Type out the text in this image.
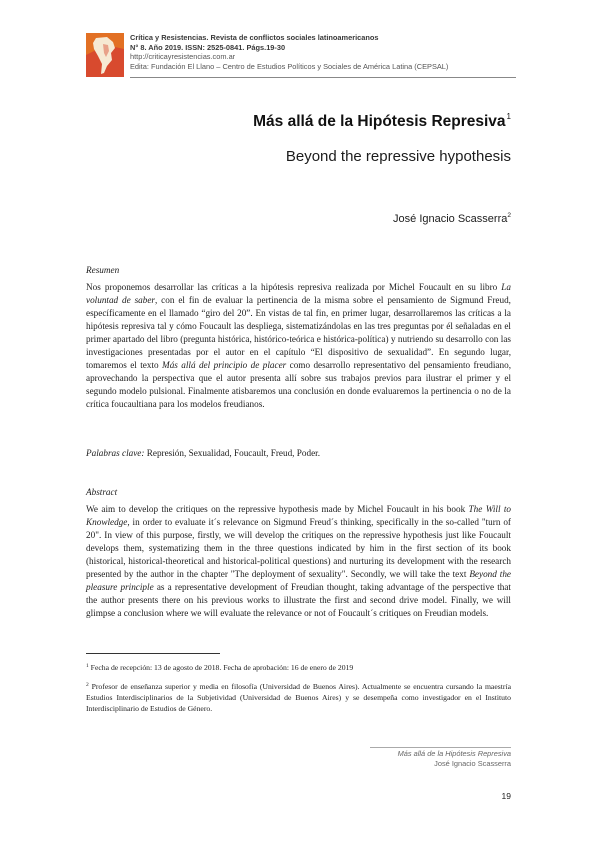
Crítica y Resistencias. Revista de conflictos sociales latinoamericanos
N° 8. Año 2019. ISSN: 2525-0841. Págs.19-30
http://criticayresistencias.com.ar
Edita: Fundación El Llano – Centro de Estudios Políticos y Sociales de América Latina (CEPSAL)
Más allá de la Hipótesis Represiva$^1$
Beyond the repressive hypothesis
José Ignacio Scasserra$^2$
Resumen
Nos proponemos desarrollar las críticas a la hipótesis represiva realizada por Michel Foucault en su libro La voluntad de saber, con el fin de evaluar la pertinencia de la misma sobre el pensamiento de Sigmund Freud, específicamente en el llamado “giro del 20”. En vistas de tal fin, en primer lugar, desarrollaremos las críticas a la hipótesis represiva tal y cómo Foucault las despliega, sistematizándolas en las tres preguntas por él señaladas en el primer apartado del libro (pregunta histórica, histórico-teórica e histórica-política) y nutriendo su desarrollo con las investigaciones presentadas por el autor en el capítulo “El dispositivo de sexualidad”. En segundo lugar, tomaremos el texto Más allá del principio de placer como desarrollo representativo del pensamiento freudiano, aprovechando la perspectiva que el autor presenta allí sobre sus trabajos previos para ilustrar el primer y el segundo modelo pulsional. Finalmente atisbaremos una conclusión en donde evaluaremos la pertinencia o no de la crítica foucaultiana para los modelos freudianos.
Palabras clave: Represión, Sexualidad, Foucault, Freud, Poder.
Abstract
We aim to develop the critiques on the repressive hypothesis made by Michel Foucault in his book The Will to Knowledge, in order to evaluate it´s relevance on Sigmund Freud´s thinking, specifically in the so-called "turn of 20". In view of this purpose, firstly, we will develop the critiques on the repressive hypothesis just like Foucault develops them, systematizing them in the three questions indicated by him in the first section of its book (historical, historical-theoretical and historical-political questions) and nurturing its development with the research presented by the author in the chapter "The deployment of sexuality". Secondly, we will take the text Beyond the pleasure principle as a representative development of Freudian thought, taking advantage of the perspective that the author presents there on his previous works to illustrate the first and second drive model. Finally, we will glimpse a conclusion where we will evaluate the relevance or not of Foucault´s critiques on Freudian models.
$^1$ Fecha de recepción: 13 de agosto de 2018. Fecha de aprobación: 16 de enero de 2019
$^2$ Profesor de enseñanza superior y media en filosofía (Universidad de Buenos Aires). Actualmente se encuentra cursando la maestría Estudios Interdisciplinarios de la Subjetividad (Universidad de Buenos Aires) y se desempeña como investigador en el Instituto Interdisciplinario de Estudios de Género.
Más allá de la Hipótesis Represiva
José Ignacio Scasserra
19
